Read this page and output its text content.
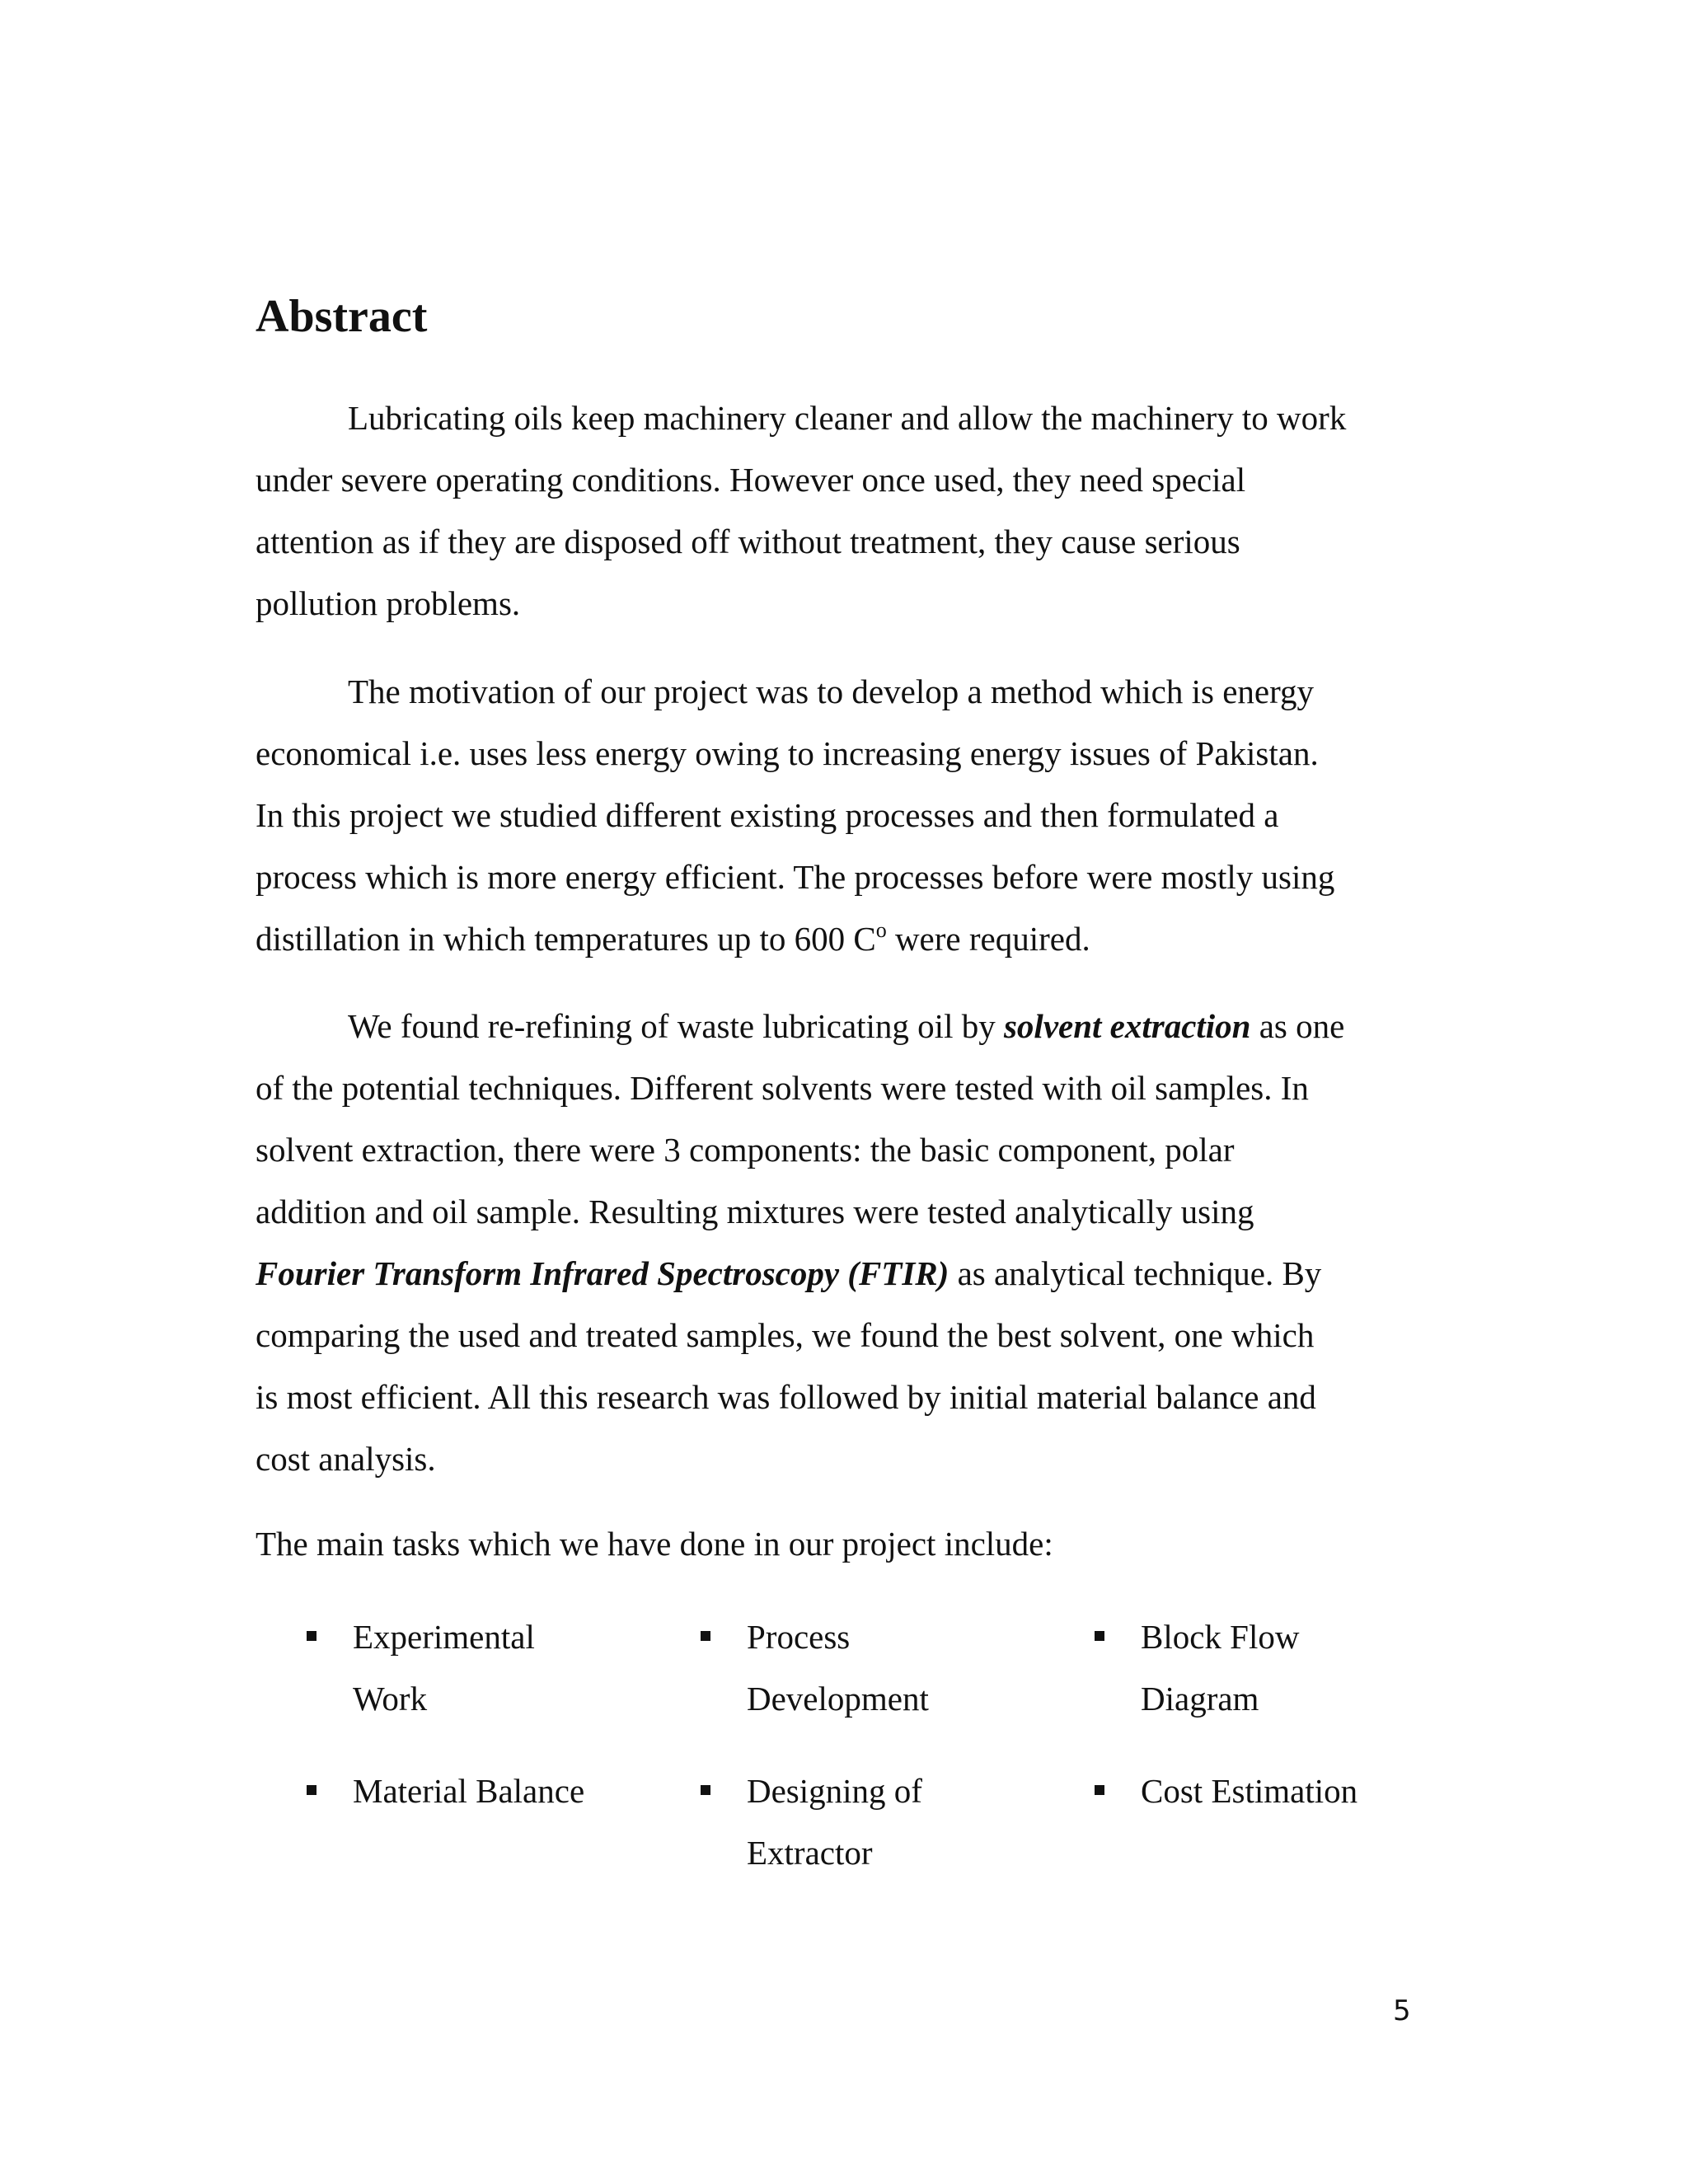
Abstract

Lubricating oils keep machinery cleaner and allow the machinery to work
under severe operating conditions. However once used, they need special
attention as if they are disposed off without treatment, they cause serious
pollution problems.

The motivation of our project was to develop a method which is energy
economical i.e. uses less energy owing to increasing energy issues of Pakistan.
In this project we studied different existing processes and then formulated a
process which is more energy efficient. The processes before were mostly using
distillation in which temperatures up to 600 $C^o$ were required.

We found re-refining of waste lubricating oil by solvent extraction as one
of the potential techniques. Different solvents were tested with oil samples. In
solvent extraction, there were 3 components: the basic component, polar
addition and oil sample. Resulting mixtures were tested analytically using
Fourier Transform Infrared Spectroscopy (FTIR) as analytical technique. By
comparing the used and treated samples, we found the best solvent, one which
is most efficient. All this research was followed by initial material balance and
cost analysis.

The main tasks which we have done in our project include:

Experimental
Work
Process
Development
Block Flow
Diagram
Material Balance	Designing of
Extractor
Cost Estimation
5
